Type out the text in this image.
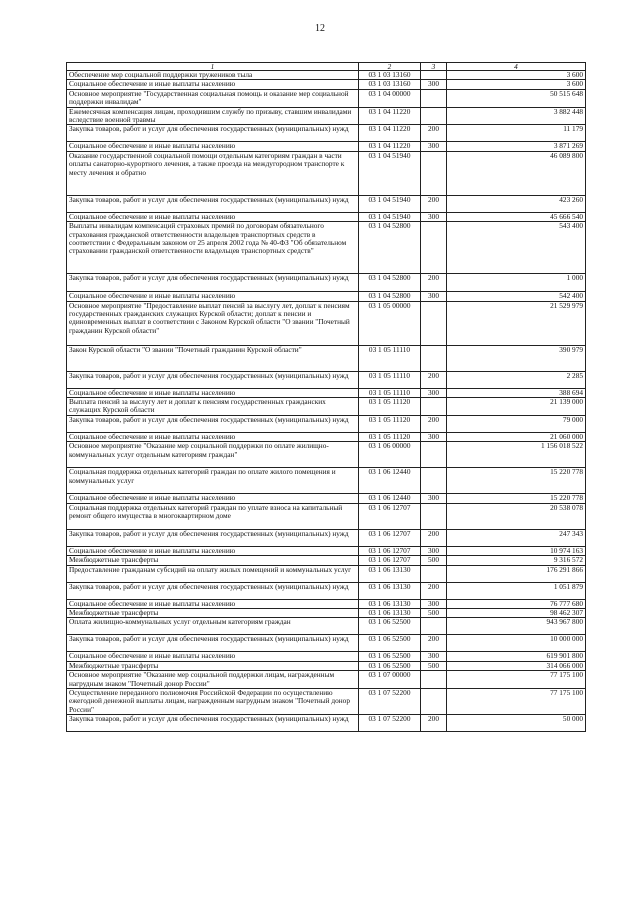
12
1	2	3	4
Обеспечение мер социальной поддержки тружеников тыла	03 1 03 13160		3 600
Социальное обеспечение и иные выплаты населению	03 1 03 13160	300	3 600
Основное мероприятие "Государственная социальная помощь и оказание мер социальной поддержки инвалидам"	03 1 04 00000		50 515 648
Ежемесячная компенсация лицам, проходившим службу по призыву, ставшим инвалидами вследствие военной травмы	03 1 04 11220		3 882 448
Закупка товаров, работ и услуг для обеспечения государственных (муниципальных) нужд	03 1 04 11220	200	11 179
Социальное обеспечение и иные выплаты населению	03 1 04 11220	300	3 871 269
Оказание государственной социальной помощи отдельным категориям граждан в части оплаты санаторно-курортного лечения, а также проезда на междугородном транспорте к месту лечения и обратно	03 1 04 51940		46 089 800
Закупка товаров, работ и услуг для обеспечения государственных (муниципальных) нужд	03 1 04 51940	200	423 260
Социальное обеспечение и иные выплаты населению	03 1 04 51940	300	45 666 540
Выплаты инвалидам компенсаций страховых премий по договорам обязательного страхования гражданской ответственности владельцев транспортных средств в соответствии с Федеральным законом от 25 апреля 2002 года № 40-ФЗ "Об обязательном страховании гражданской ответственности владельцев транспортных средств"	03 1 04 52800		543 400
Закупка товаров, работ и услуг для обеспечения государственных (муниципальных) нужд	03 1 04 52800	200	1 000
Социальное обеспечение и иные выплаты населению	03 1 04 52800	300	542 400
Основное мероприятие "Предоставление выплат пенсий за выслугу лет, доплат к пенсиям государственных гражданских служащих Курской области; доплат к пенсии и единовременных выплат в соответствии с Законом Курской области "О звании "Почетный гражданин Курской области"	03 1 05 00000		21 529 979
Закон Курской области "О звании "Почетный гражданин Курской области"	03 1 05 11110		390 979
Закупка товаров, работ и услуг для обеспечения государственных (муниципальных) нужд	03 1 05 11110	200	2 285
Социальное обеспечение и иные выплаты населению	03 1 05 11110	300	388 694
Выплата пенсий за выслугу лет и доплат к пенсиям государственных гражданских служащих Курской области	03 1 05 11120		21 139 000
Закупка товаров, работ и услуг для обеспечения государственных (муниципальных) нужд	03 1 05 11120	200	79 000
Социальное обеспечение и иные выплаты населению	03 1 05 11120	300	21 060 000
Основное мероприятие "Оказание мер социальной поддержки по оплате жилищно-коммунальных услуг отдельным категориям граждан"	03 1 06 00000		1 156 018 522
Социальная поддержка отдельных категорий граждан по оплате жилого помещения и коммунальных услуг	03 1 06 12440		15 220 778
Социальное обеспечение и иные выплаты населению	03 1 06 12440	300	15 220 778
Социальная поддержка отдельных категорий граждан по уплате взноса на капитальный ремонт общего имущества в многоквартирном доме	03 1 06 12707		20 538 078
Закупка товаров, работ и услуг для обеспечения государственных (муниципальных) нужд	03 1 06 12707	200	247 343
Социальное обеспечение и иные выплаты населению	03 1 06 12707	300	10 974 163
Межбюджетные трансферты	03 1 06 12707	500	9 316 572
Предоставление гражданам субсидий на оплату жилых помещений и коммунальных услуг	03 1 06 13130		176 291 866
Закупка товаров, работ и услуг для обеспечения государственных (муниципальных) нужд	03 1 06 13130	200	1 051 879
Социальное обеспечение и иные выплаты населению	03 1 06 13130	300	76 777 680
Межбюджетные трансферты	03 1 06 13130	500	98 462 307
Оплата жилищно-коммунальных услуг отдельным категориям граждан	03 1 06 52500		943 967 800
Закупка товаров, работ и услуг для обеспечения государственных (муниципальных) нужд	03 1 06 52500	200	10 000 000
Социальное обеспечение и иные выплаты населению	03 1 06 52500	300	619 901 800
Межбюджетные трансферты	03 1 06 52500	500	314 066 000
Основное мероприятие "Оказание мер социальной поддержки лицам, награжденным нагрудным знаком "Почетный донор России"	03 1 07 00000		77 175 100
Осуществление переданного полномочия Российской Федерации по осуществлению ежегодной денежной выплаты лицам, награжденным нагрудным знаком "Почетный донор России"	03 1 07 52200		77 175 100
Закупка товаров, работ и услуг для обеспечения государственных (муниципальных) нужд	03 1 07 52200	200	50 000
